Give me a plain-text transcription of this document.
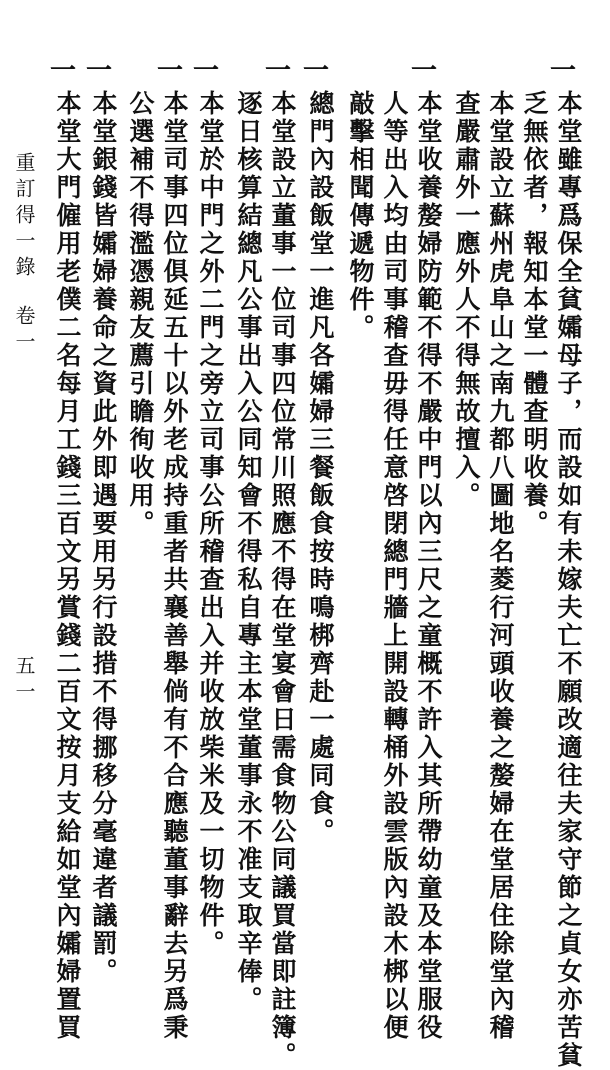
本堂雖專爲保全貧孀母子，而設如有未嫁夫亡不願改適往夫家守節之貞女亦苦貧
乏無依者，報知本堂一體查明收養。
本堂設立蘇州虎阜山之南九都八圖地名菱行河頭收養之嫠婦在堂居住除堂內稽
查嚴肅外一應外人不得無故擅入。
本堂收養嫠婦防範不得不嚴中門以內三尺之童概不許入其所帶幼童及本堂服役
人等出入均由司事稽查毋得任意啓閉總門牆上開設轉桶外設雲版內設木梆以便
敲擊相聞傳遞物件。
總門內設飯堂一進凡各孀婦三餐飯食按時鳴梆齊赴一處同食。
本堂設立董事一位司事四位常川照應不得在堂宴會日需食物公同議買當即註簿。
逐日核算結總凡公事出入公同知會不得私自專主本堂董事永不准支取辛俸。
本堂於中門之外二門之旁立司事公所稽查出入并收放柴米及一切物件。
本堂司事四位俱延五十以外老成持重者共襄善舉倘有不合應聽董事辭去另爲秉
公選補不得濫憑親友薦引瞻徇收用。
本堂銀錢皆孀婦養命之資此外即遇要用另行設措不得挪移分毫違者議罰。
本堂大門僱用老僕二名每月工錢三百文另賞錢二百文按月支給如堂內孀婦置買
一
一
一
一
一
一
一
一
重訂得一錄
卷一
五一
